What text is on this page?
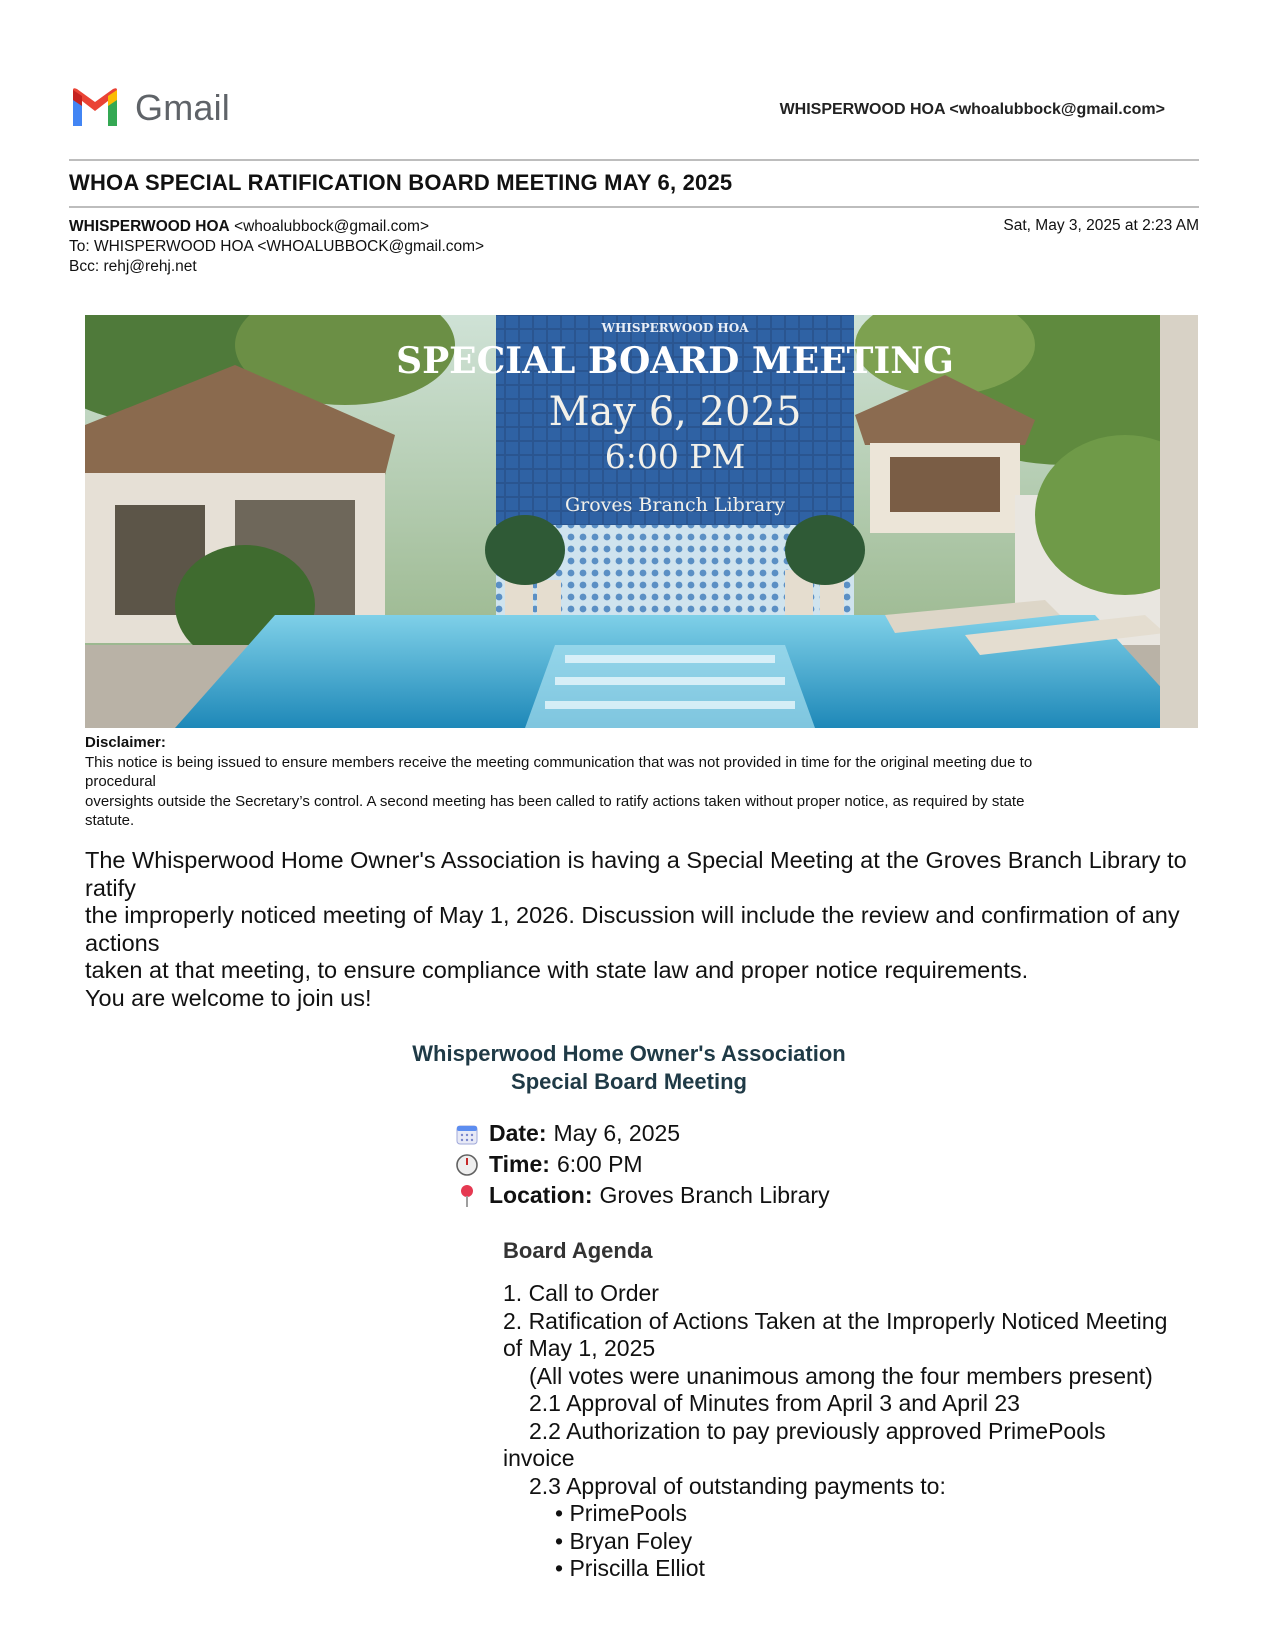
Gmail	WHISPERWOOD HOA <whoalubbock@gmail.com>
WHOA SPECIAL RATIFICATION BOARD MEETING MAY 6, 2025
WHISPERWOOD HOA <whoalubbock@gmail.com>
To: WHISPERWOOD HOA <WHOALUBBOCK@gmail.com>
Bcc: rehj@rehj.net
Sat, May 3, 2025 at 2:23 AM
WHISPERWOOD HOA
SPECIAL BOARD MEETING
May 6, 2025
6:00 PM
Groves Branch Library
Disclaimer:
This notice is being issued to ensure members receive the meeting communication that was not provided in time for the original meeting due to
procedural
oversights outside the Secretary’s control. A second meeting has been called to ratify actions taken without proper notice, as required by state
statute.
The Whisperwood Home Owner's Association is having a Special Meeting at the Groves Branch Library to
ratify
the improperly noticed meeting of May 1, 2026. Discussion will include the review and confirmation of any
actions
taken at that meeting, to ensure compliance with state law and proper notice requirements.
You are welcome to join us!
Whisperwood Home Owner's Association
Special Board Meeting
Date: May 6, 2025
Time: 6:00 PM
Location: Groves Branch Library
Board Agenda
1. Call to Order
2. Ratification of Actions Taken at the Improperly Noticed Meeting
of May 1, 2025
(All votes were unanimous among the four members present)
2.1 Approval of Minutes from April 3 and April 23
2.2 Authorization to pay previously approved PrimePools
invoice
2.3 Approval of outstanding payments to:
• PrimePools
• Bryan Foley
• Priscilla Elliot
